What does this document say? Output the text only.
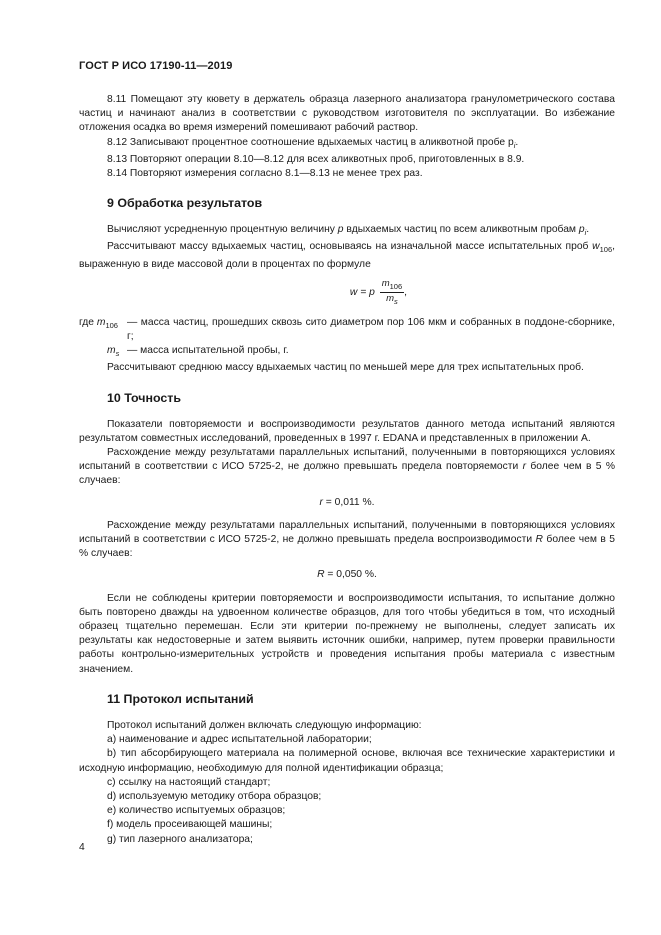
ГОСТ Р ИСО 17190-11—2019

8.11 Помещают эту кювету в держатель образца лазерного анализатора гранулометрического состава частиц и начинают анализ в соответствии с руководством изготовителя по эксплуатации. Во избежание отложения осадка во время измерений помешивают рабочий раствор.

8.12 Записывают процентное соотношение вдыхаемых частиц в аликвотной пробе $p_i$.

8.13 Повторяют операции 8.10—8.12 для всех аликвотных проб, приготовленных в 8.9.

8.14 Повторяют измерения согласно 8.1—8.13 не менее трех раз.

9 Обработка результатов

Вычисляют усредненную процентную величину p вдыхаемых частиц по всем аликвотным пробам $p_i$.

Рассчитывают массу вдыхаемых частиц, основываясь на изначальной массе испытательных проб $w_{106}$, выраженную в виде массовой доли в процентах по формуле

w = p $\frac{m_{106}}{m_s}$ ,
где $m_{106}$ — масса частиц, прошедших сквозь сито диаметром пор 106 мкм и собранных в поддоне-сборнике, г;
$m_s$ — масса испытательной пробы, г.

Рассчитывают среднюю массу вдыхаемых частиц по меньшей мере для трех испытательных проб.

10 Точность

Показатели повторяемости и воспроизводимости результатов данного метода испытаний являются результатом совместных исследований, проведенных в 1997 г. EDANA и представленных в приложении А.

Расхождение между результатами параллельных испытаний, полученными в повторяющихся условиях испытаний в соответствии с ИСО 5725-2, не должно превышать предела повторяемости r более чем в 5 % случаев:

r = 0,011 %.

Расхождение между результатами параллельных испытаний, полученными в повторяющихся условиях испытаний в соответствии с ИСО 5725-2, не должно превышать предела воспроизводимости R более чем в 5 % случаев:

R = 0,050 %.

Если не соблюдены критерии повторяемости и воспроизводимости испытания, то испытание должно быть повторено дважды на удвоенном количестве образцов, для того чтобы убедиться в том, что исходный образец тщательно перемешан. Если эти критерии по-прежнему не выполнены, следует записать их результаты как недостоверные и затем выявить источник ошибки, например, путем проверки правильности работы контрольно-измерительных устройств и проведения испытания пробы материала с известным значением.

11 Протокол испытаний

Протокол испытаний должен включать следующую информацию:

а) наименование и адрес испытательной лаборатории;

b) тип абсорбирующего материала на полимерной основе, включая все технические характеристики и исходную информацию, необходимую для полной идентификации образца;

с) ссылку на настоящий стандарт;

d) используемую методику отбора образцов;

е) количество испытуемых образцов;

f) модель просеивающей машины;

g) тип лазерного анализатора;

4
